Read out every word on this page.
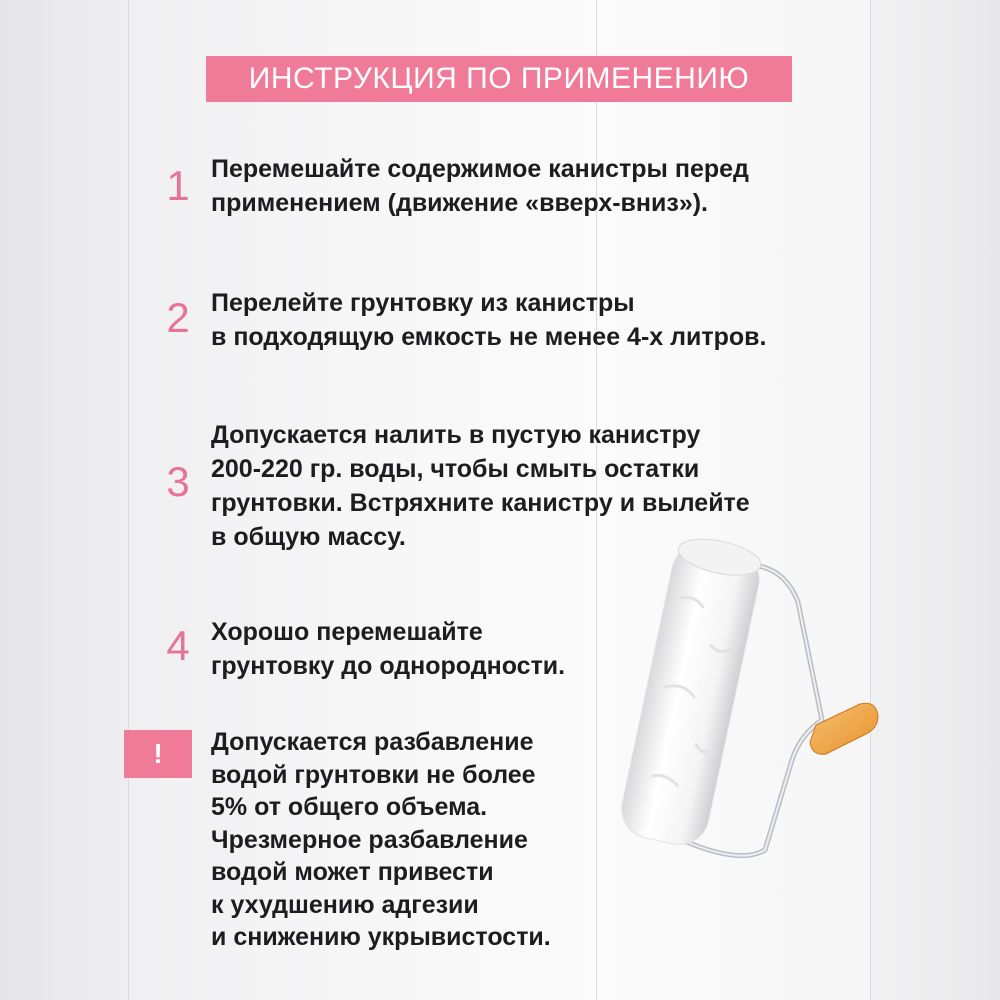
ИНСТРУКЦИЯ ПО ПРИМЕНЕНИЮ
1 Перемешайте содержимое канистры перед
применением (движение «вверх-вниз»).
2 Перелейте грунтовку из канистры
в подходящую емкость не менее 4-х литров.
3
Допускается налить в пустую канистру
200-220 гр. воды, чтобы смыть остатки
грунтовки. Встряхните канистру и вылейте
в общую массу.
4 Хорошо перемешайте
грунтовку до однородности.
! Допускается разбавление
водой грунтовки не более
5% от общего объема.
Чрезмерное разбавление
водой может привести
к ухудшению адгезии
и снижению укрывистости.
